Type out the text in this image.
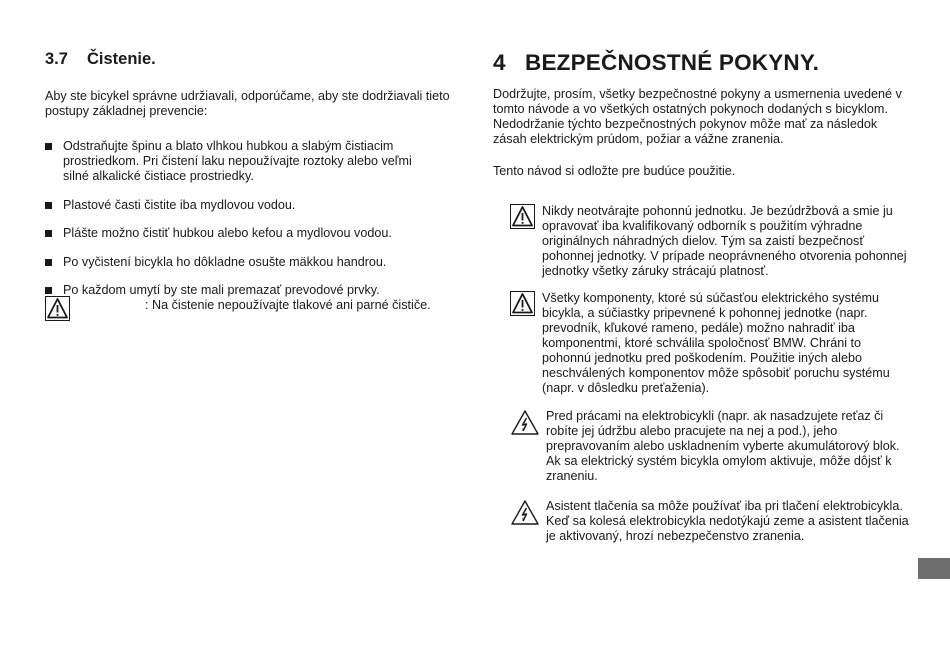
3.7	Čistenie.

Aby ste bicykel správne udržiavali, odporúčame, aby ste dodržiavali tieto postupy základnej prevencie:

Odstraňujte špinu a blato vlhkou hubkou a slabým čistiacim prostriedkom. Pri čistení laku nepoužívajte roztoky alebo veľmi silné alkalické čistiace prostriedky.
Plastové časti čistite iba mydlovou vodou.
Plášte možno čistiť hubkou alebo kefou a mydlovou vodou.
Po vyčistení bicykla ho dôkladne osušte mäkkou handrou.
Po každom umytí by ste mali premazať prevodové prvky.
: Na čistenie nepoužívajte tlakové ani parné čističe.
4 BEZPEČNOSTNÉ POKYNY.

Dodržujte, prosím, všetky bezpečnostné pokyny a usmernenia uvedené v tomto návode a vo všetkých ostatných pokynoch dodaných s bicyklom. Nedodržanie týchto bezpečnostných pokynov môže mať za následok zásah elektrickým prúdom, požiar a vážne zranenia.

Tento návod si odložte pre budúce použitie.

Nikdy neotvárajte pohonnú jednotku. Je bezúdržbová a smie ju opravovať iba kvalifikovaný odborník s použitím výhradne originálnych náhradných dielov. Tým sa zaistí bezpečnosť pohonnej jednotky. V prípade neoprávneného otvorenia pohonnej jednotky všetky záruky strácajú platnosť.
Všetky komponenty, ktoré sú súčasťou elektrického systému bicykla, a súčiastky pripevnené k pohonnej jednotke (napr. prevodník, kľukové rameno, pedále) možno nahradiť iba komponentmi, ktoré schválila spoločnosť BMW. Chráni to pohonnú jednotku pred poškodením. Použitie iných alebo neschválených komponentov môže spôsobiť poruchu systému (napr. v dôsledku preťaženia).
Pred prácami na elektrobicykli (napr. ak nasadzujete reťaz či robíte jej údržbu alebo pracujete na nej a pod.), jeho prepravovaním alebo uskladnením vyberte akumulátorový blok. Ak sa elektrický systém bicykla omylom aktivuje, môže dôjsť k zraneniu.
Asistent tlačenia sa môže používať iba pri tlačení elektrobicykla. Keď sa kolesá elektrobicykla nedotýkajú zeme a asistent tlačenia je aktivovaný, hrozí nebezpečenstvo zranenia.
